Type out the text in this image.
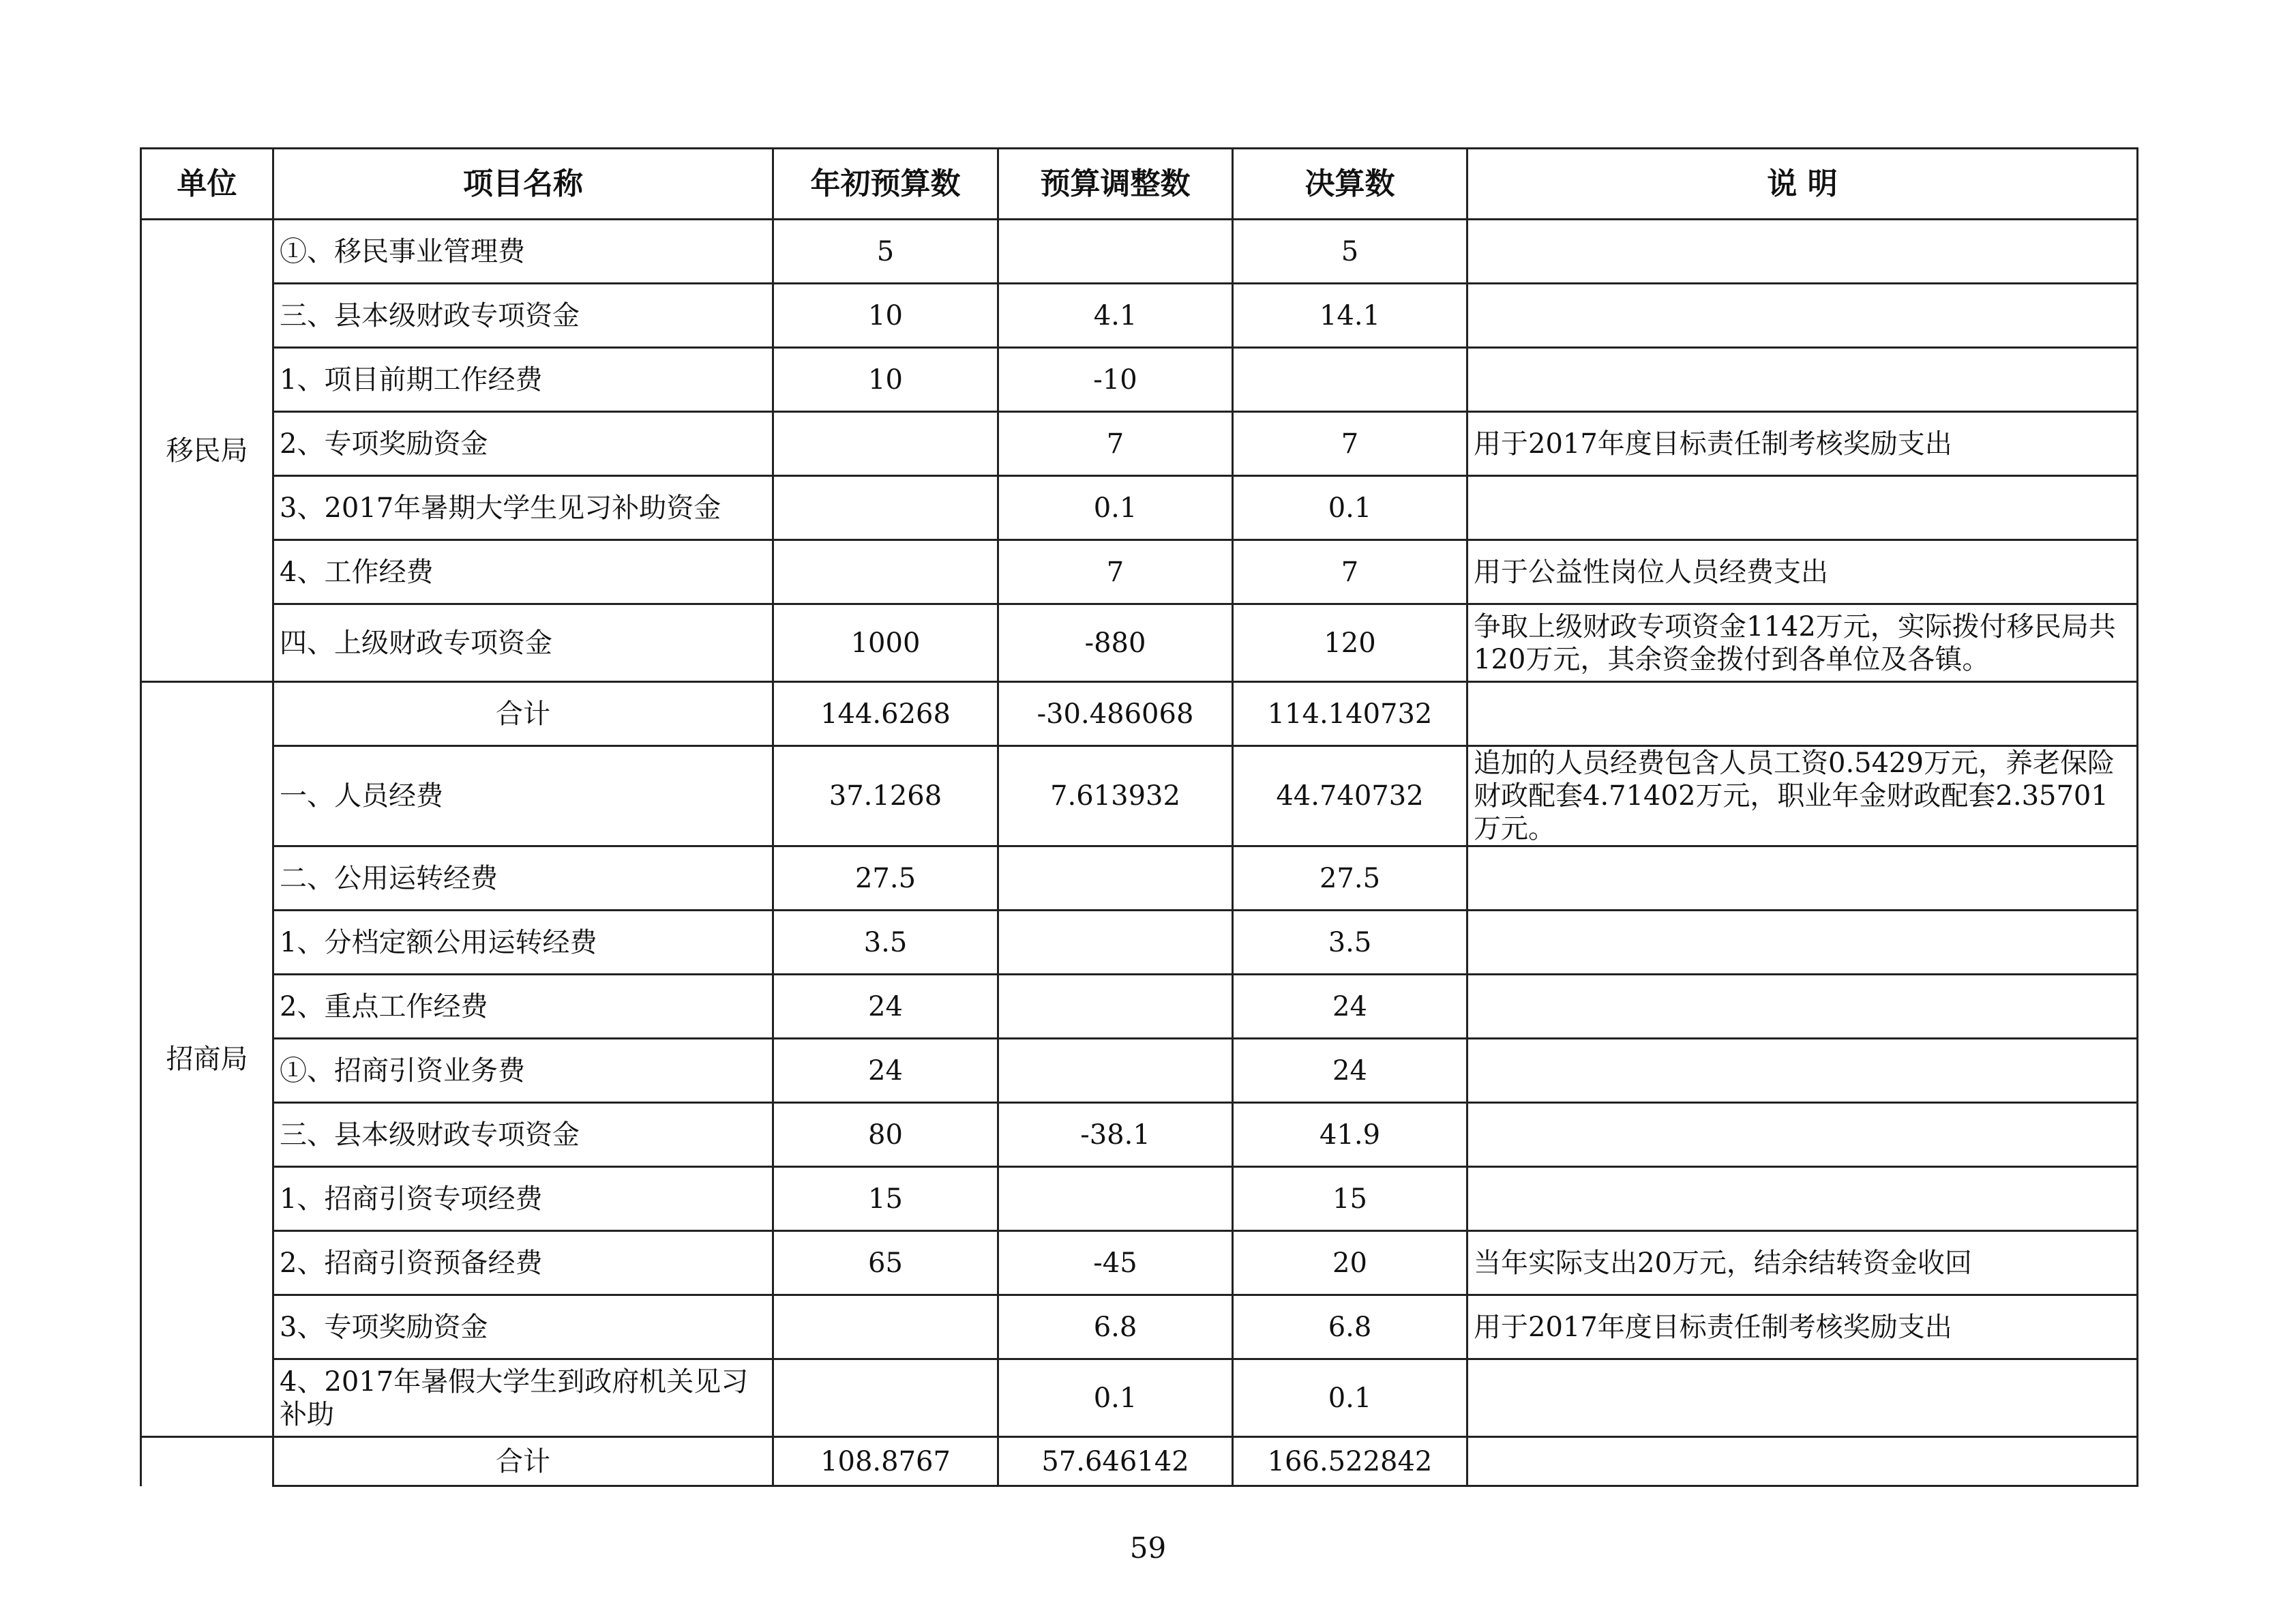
单位	项目名称	年初预算数	预算调整数	决算数	说 明
移民局	①、移民事业管理费	5		5	
	三、县本级财政专项资金	10	4.1	14.1	
	1、项目前期工作经费	10	-10		
	2、专项奖励资金		7	7	用于2017年度目标责任制考核奖励支出
	3、2017年暑期大学生见习补助资金		0.1	0.1	
	4、工作经费		7	7	用于公益性岗位人员经费支出
	四、上级财政专项资金	1000	-880	120	争取上级财政专项资金1142万元，实际拨付移民局共120万元，其余资金拨付到各单位及各镇。
招商局	合计	144.6268	-30.486068	114.140732	
	一、人员经费	37.1268	7.613932	44.740732	追加的人员经费包含人员工资0.5429万元，养老保险财政配套4.71402万元，职业年金财政配套2.35701万元。
	二、公用运转经费	27.5		27.5	
	1、分档定额公用运转经费	3.5		3.5	
	2、重点工作经费	24		24	
	①、招商引资业务费	24		24	
	三、县本级财政专项资金	80	-38.1	41.9	
	1、招商引资专项经费	15		15	
	2、招商引资预备经费	65	-45	20	当年实际支出20万元，结余结转资金收回
	3、专项奖励资金		6.8	6.8	用于2017年度目标责任制考核奖励支出
	4、2017年暑假大学生到政府机关见习补助		0.1	0.1	
	合计	108.8767	57.646142	166.522842	
59
